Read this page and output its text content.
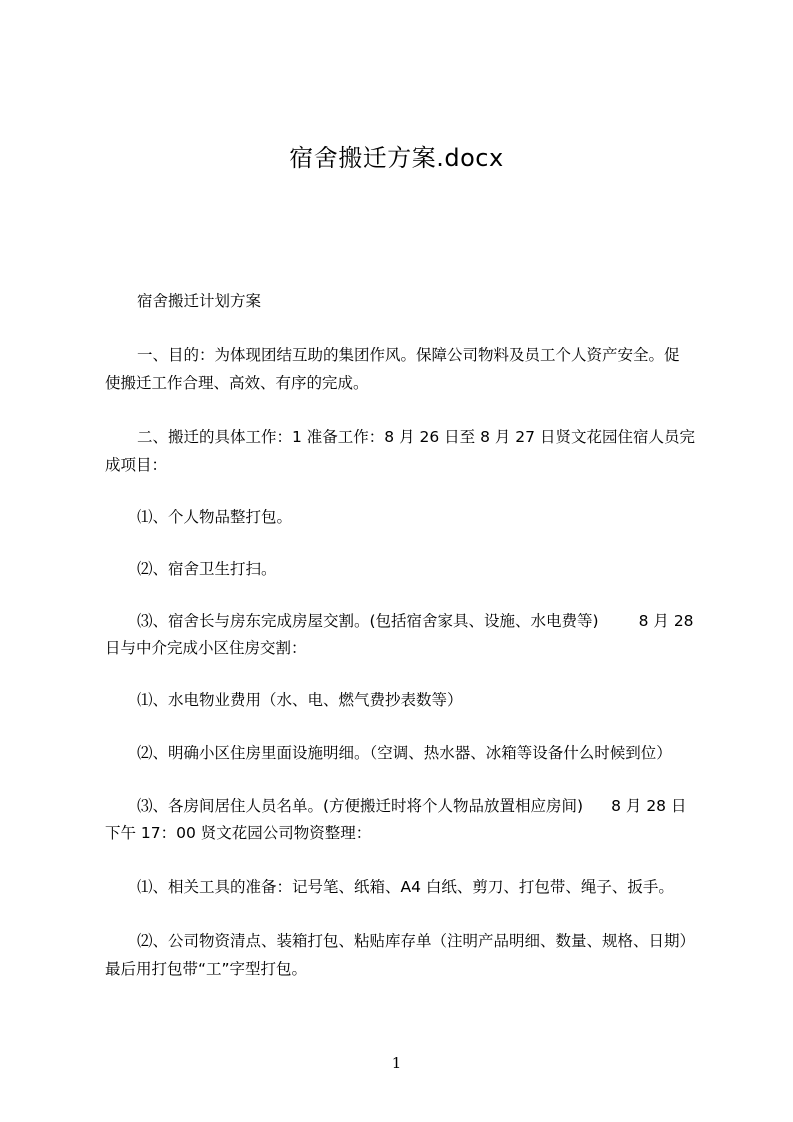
宿舍搬迁方案.docx
宿舍搬迁计划方案
一、目的：为体现团结互助的集团作风。保障公司物料及员工个人资产安全。促
使搬迁工作合理、高效、有序的完成。
二、搬迁的具体工作：1 准备工作：8 月 26 日至 8 月 27 日贤文花园住宿人员完
成项目：
⑴、个人物品整打包。
⑵、宿舍卫生打扫。
⑶、宿舍长与房东完成房屋交割。(包括宿舍家具、设施、水电费等)	8 月 28
日与中介完成小区住房交割：
⑴、水电物业费用（水、电、燃气费抄表数等）
⑵、明确小区住房里面设施明细。（空调、热水器、冰箱等设备什么时候到位）
⑶、各房间居住人员名单。(方便搬迁时将个人物品放置相应房间) 8 月 28 日
下午 17：00 贤文花园公司物资整理：
⑴、相关工具的准备：记号笔、纸箱、A4 白纸、剪刀、打包带、绳子、扳手。
⑵、公司物资清点、装箱打包、粘贴库存单（注明产品明细、数量、规格、日期）
最后用打包带“工”字型打包。
1
